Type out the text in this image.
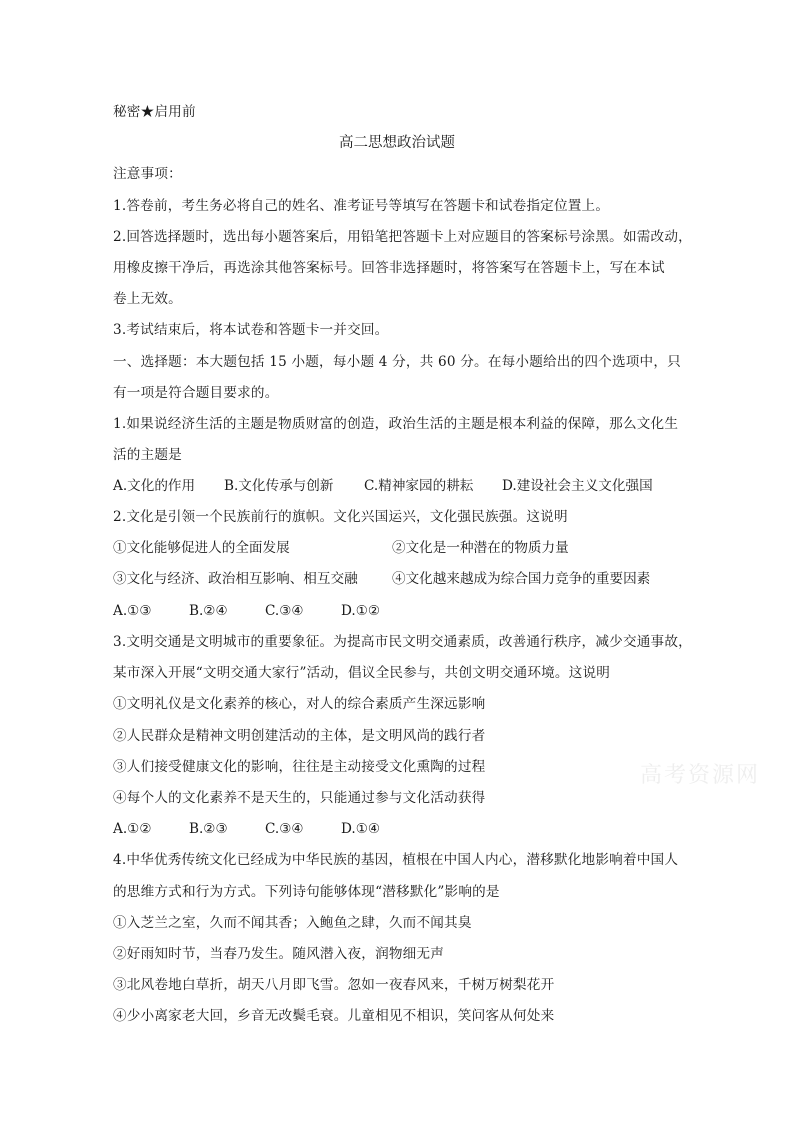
秘密★启用前
高二思想政治试题
注意事项：
1.答卷前，考生务必将自己的姓名、准考证号等填写在答题卡和试卷指定位置上。
2.回答选择题时，选出每小题答案后，用铅笔把答题卡上对应题目的答案标号涂黑。如需改动，
用橡皮擦干净后，再选涂其他答案标号。回答非选择题时，将答案写在答题卡上，写在本试
卷上无效。
3.考试结束后，将本试卷和答题卡一并交回。
一、选择题：本大题包括 15 小题，每小题 4 分，共 60 分。在每小题给出的四个选项中，只
有一项是符合题目要求的。
1.如果说经济生活的主题是物质财富的创造，政治生活的主题是根本利益的保障，那么文化生
活的主题是
A.文化的作用 B.文化传承与创新 C.精神家园的耕耘 D.建设社会主义文化强国
2.文化是引领一个民族前行的旗帜。文化兴国运兴，文化强民族强。这说明
①文化能够促进人的全面发展	②文化是一种潜在的物质力量
③文化与经济、政治相互影响、相互交融	④文化越来越成为综合国力竞争的重要因素
A.①③	B.②④	C.③④	D.①②
3.文明交通是文明城市的重要象征。为提高市民文明交通素质，改善通行秩序，减少交通事故，
某市深入开展“文明交通大家行”活动，倡议全民参与，共创文明交通环境。这说明
①文明礼仪是文化素养的核心，对人的综合素质产生深远影响
②人民群众是精神文明创建活动的主体，是文明风尚的践行者
③人们接受健康文化的影响，往往是主动接受文化熏陶的过程
④每个人的文化素养不是天生的，只能通过参与文化活动获得
A.①②	B.②③	C.③④	D.①④
4.中华优秀传统文化已经成为中华民族的基因，植根在中国人内心，潜移默化地影响着中国人
的思维方式和行为方式。下列诗句能够体现“潜移默化”影响的是
①入芝兰之室，久而不闻其香；入鲍鱼之肆，久而不闻其臭
②好雨知时节，当春乃发生。随风潜入夜，润物细无声
③北风卷地白草折，胡天八月即飞雪。忽如一夜春风来，千树万树梨花开
④少小离家老大回，乡音无改鬓毛衰。儿童相见不相识，笑问客从何处来
高考资源网
